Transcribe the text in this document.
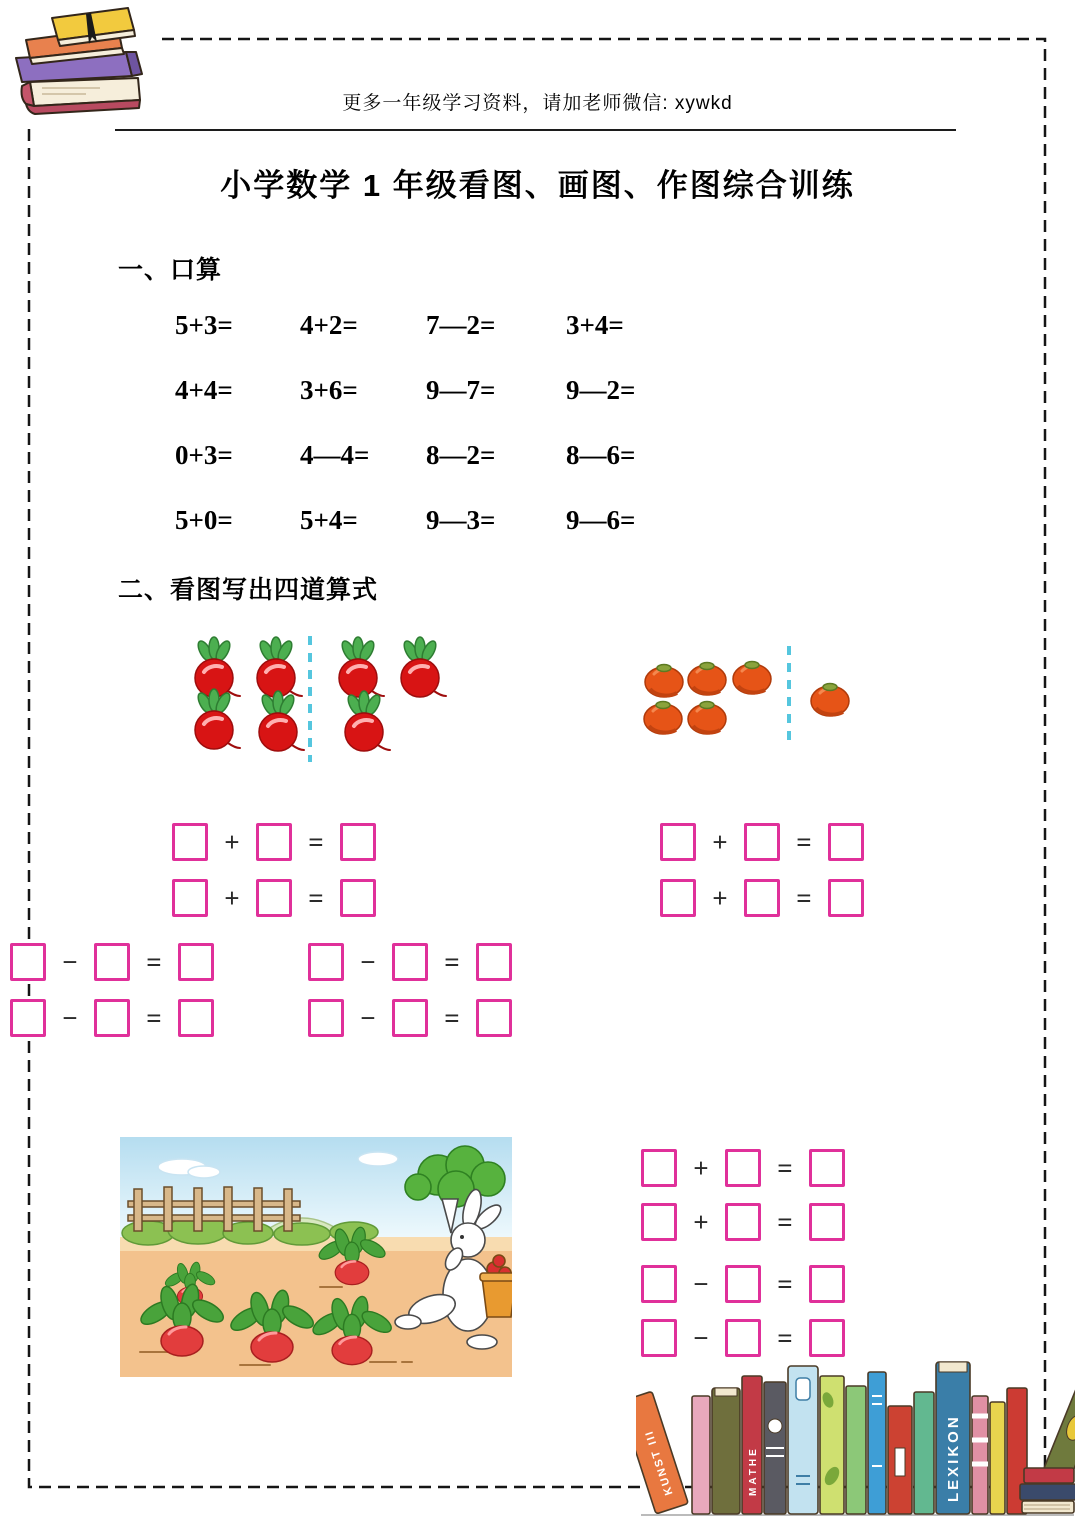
更多一年级学习资料，请加老师微信: xywkd
小学数学 1 年级看图、画图、作图综合训练
一、口算
5+3=	4+2=	7—2=	3+4=
4+4=	3+6=	9—7=	9—2=
0+3=	4—4=	8—2=	8—6=
5+0=	5+4=	9—3=	9—6=
二、看图写出四道算式
+	=
+	=
+	=
+	=
−	=
−	=
−	=
−	=
+	=
+	=
−	=
−	=
KUNST III	MATHE	LEXIKON
